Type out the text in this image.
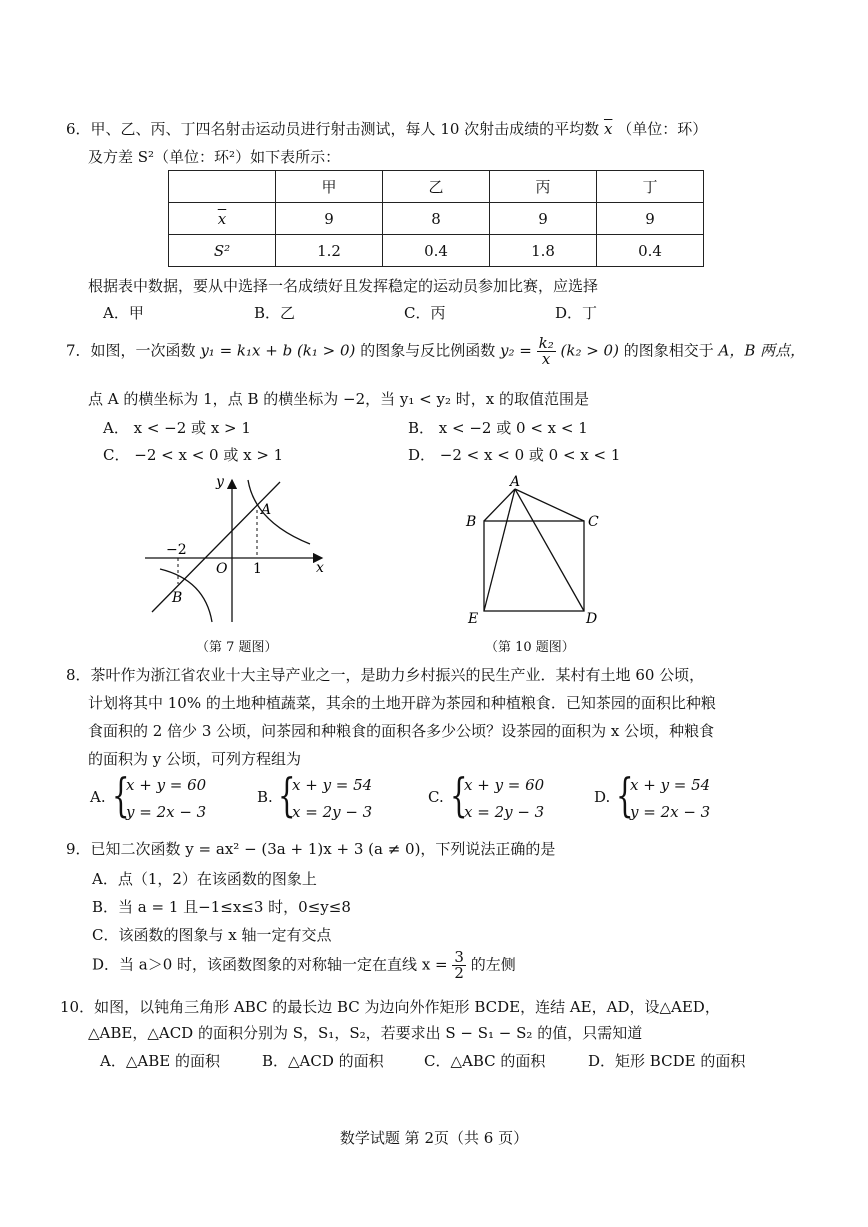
6．甲、乙、丙、丁四名射击运动员进行射击测试，每人 10 次射击成绩的平均数 $\overline{x}$ （单位：环）
及方差 S²（单位：环²）如下表所示：
	甲	乙	丙	丁
$\overline{x}$	9	8	9	9
S²	1.2	0.4	1.8	0.4
根据表中数据，要从中选择一名成绩好且发挥稳定的运动员参加比赛，应选择
A．甲	B．乙	C．丙	D．丁
7．如图，一次函数 y₁ = k₁x + b (k₁ > 0) 的图象与反比例函数 $y_2 = \frac{\text{k₂}}{x} (k_2 > 0)$ 的图象相交于 A，B 两点，
点 A 的横坐标为 1，点 B 的横坐标为 −2，当 y₁ < y₂ 时，x 的取值范围是
A． x < −2 或 x > 1	B． x < −2 或 0 < x < 1
C． −2 < x < 0 或 x > 1	D． −2 < x < 0 或 0 < x < 1
y
x
A
B
O
−2
1
（第 7 题图）
A
B	C
D
E
（第 10 题图）
8．茶叶作为浙江省农业十大主导产业之一，是助力乡村振兴的民生产业．某村有土地 60 公顷，
计划将其中 10% 的土地种植蔬菜，其余的土地开辟为茶园和种植粮食．已知茶园的面积比种粮
食面积的 2 倍少 3 公顷，问茶园和种粮食的面积各多少公顷？设茶园的面积为 x 公顷，种粮食
的面积为 y 公顷，可列方程组为
A. {
x + y = 60
y = 2x − 3
B. {
x + y = 54
x = 2y − 3
C. {
x + y = 60
x = 2y − 3
D. {
x + y = 54
y = 2x − 3
9．已知二次函数 y = ax² − (3a + 1)x + 3 (a ≠ 0)，下列说法正确的是
A．点（1，2）在该函数的图象上
B．当 a = 1 且−1≤x≤3 时，0≤y≤8
C．该函数的图象与 x 轴一定有交点
D．当 a＞0 时，该函数图象的对称轴一定在直线 $x = \frac{3}{2}$ 的左侧
10．如图，以钝角三角形 ABC 的最长边 BC 为边向外作矩形 BCDE，连结 AE，AD，设△AED，
△ABE，△ACD 的面积分别为 S，S₁，S₂，若要求出 S − S₁ − S₂ 的值，只需知道
A．△ABE 的面积	B．△ACD 的面积	C．△ABC 的面积	D．矩形 BCDE 的面积
数学试题 第 2页（共 6 页）
